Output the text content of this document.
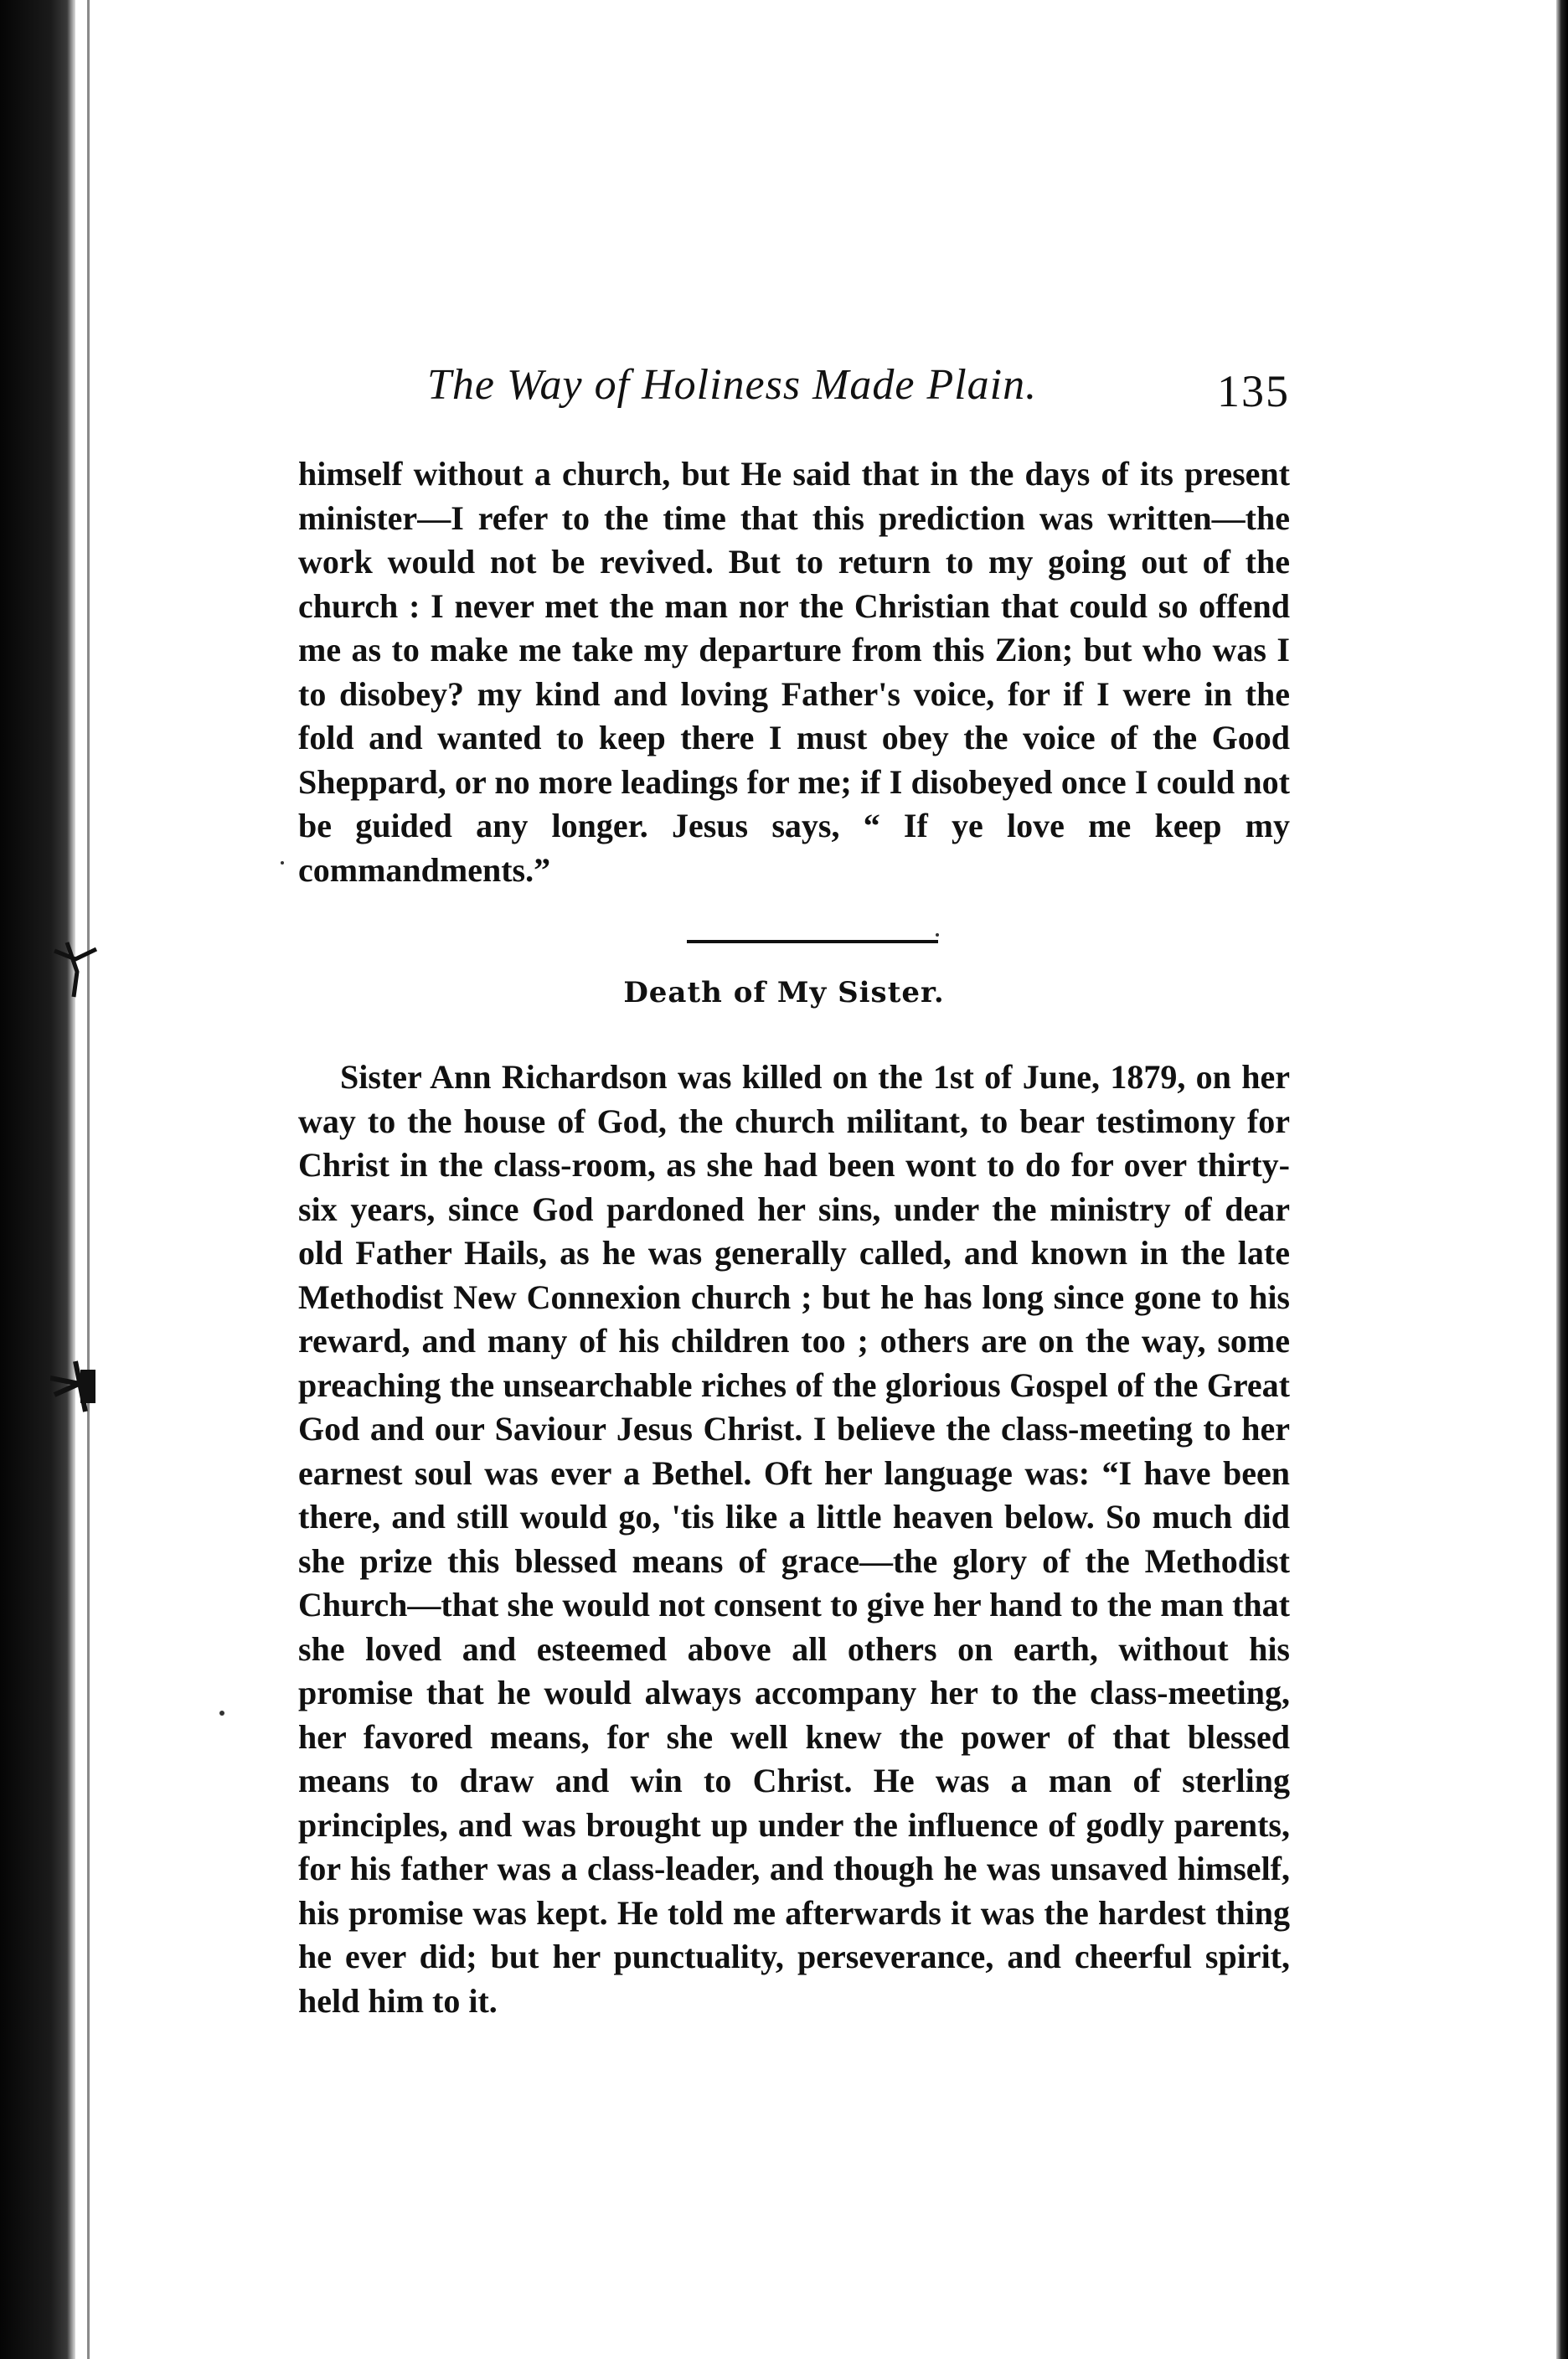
The Way of Holiness Made Plain.	135

himself without a church, but He said that in the days of its present minister—I refer to the time that this prediction was written—the work would not be revived. But to return to my going out of the church : I never met the man nor the Christian that could so offend me as to make me take my departure from this Zion; but who was I to disobey? my kind and loving Father's voice, for if I were in the fold and wanted to keep there I must obey the voice of the Good Sheppard, or no more leadings for me; if I disobeyed once I could not be guided any longer. Jesus says, “ If ye love me keep my commandments.”

Death of My Sister.

Sister Ann Richardson was killed on the 1st of June, 1879, on her way to the house of God, the church militant, to bear testimony for Christ in the class-room, as she had been wont to do for over thirty-six years, since God pardoned her sins, under the ministry of dear old Father Hails, as he was generally called, and known in the late Methodist New Connexion church ; but he has long since gone to his reward, and many of his children too ; others are on the way, some preaching the unsearchable riches of the glorious Gospel of the Great God and our Saviour Jesus Christ. I believe the class-meeting to her earnest soul was ever a Bethel. Oft her language was: “I have been there, and still would go, 'tis like a little heaven below. So much did she prize this blessed means of grace—the glory of the Methodist Church—that she would not consent to give her hand to the man that she loved and esteemed above all others on earth, without his promise that he would always accompany her to the class-meeting, her favored means, for she well knew the power of that blessed means to draw and win to Christ. He was a man of sterling principles, and was brought up under the influence of godly parents, for his father was a class-leader, and though he was unsaved himself, his promise was kept. He told me afterwards it was the hardest thing he ever did; but her punctuality, perseverance, and cheerful spirit, held him to it.
